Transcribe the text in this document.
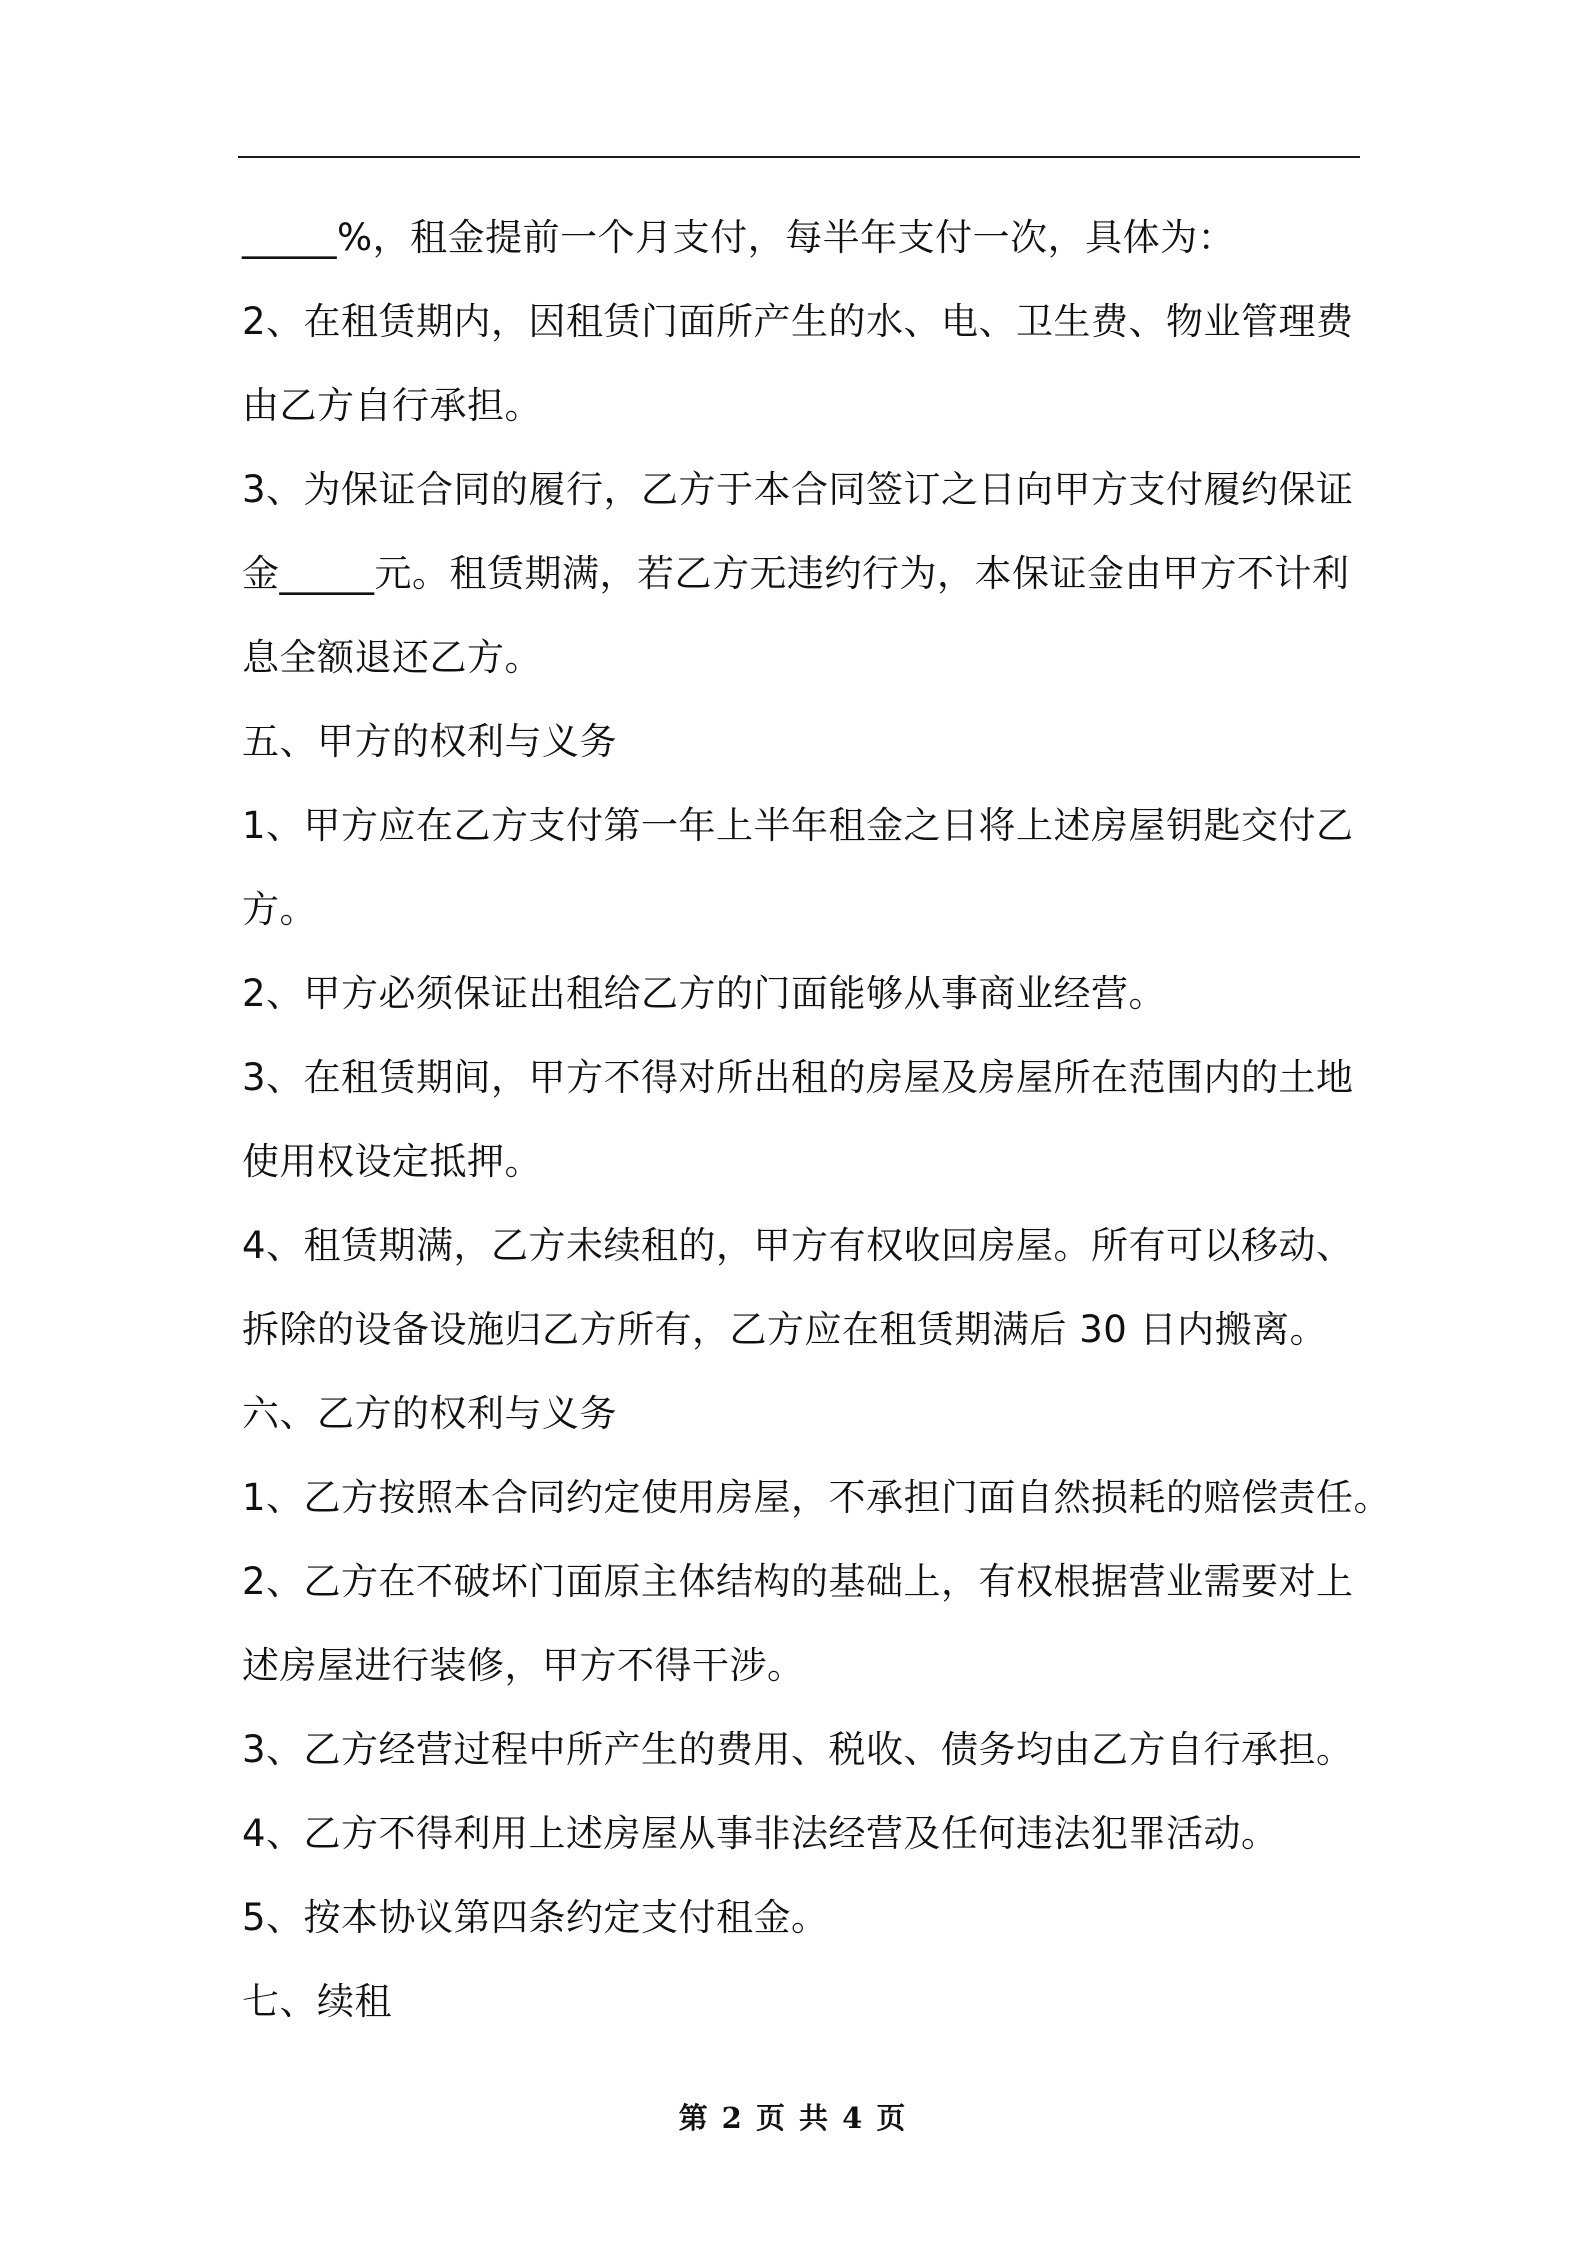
_____%，租金提前一个月支付，每半年支付一次，具体为：
2、在租赁期内，因租赁门面所产生的水、电、卫生费、物业管理费
由乙方自行承担。
3、为保证合同的履行，乙方于本合同签订之日向甲方支付履约保证
金_____元。租赁期满，若乙方无违约行为，本保证金由甲方不计利
息全额退还乙方。
五、甲方的权利与义务
1、甲方应在乙方支付第一年上半年租金之日将上述房屋钥匙交付乙
方。
2、甲方必须保证出租给乙方的门面能够从事商业经营。
3、在租赁期间，甲方不得对所出租的房屋及房屋所在范围内的土地
使用权设定抵押。
4、租赁期满，乙方未续租的，甲方有权收回房屋。所有可以移动、
拆除的设备设施归乙方所有，乙方应在租赁期满后 30 日内搬离。
六、乙方的权利与义务
1、乙方按照本合同约定使用房屋，不承担门面自然损耗的赔偿责任。
2、乙方在不破坏门面原主体结构的基础上，有权根据营业需要对上
述房屋进行装修，甲方不得干涉。
3、乙方经营过程中所产生的费用、税收、债务均由乙方自行承担。
4、乙方不得利用上述房屋从事非法经营及任何违法犯罪活动。
5、按本协议第四条约定支付租金。
七、续租
第 2 页 共 4 页
